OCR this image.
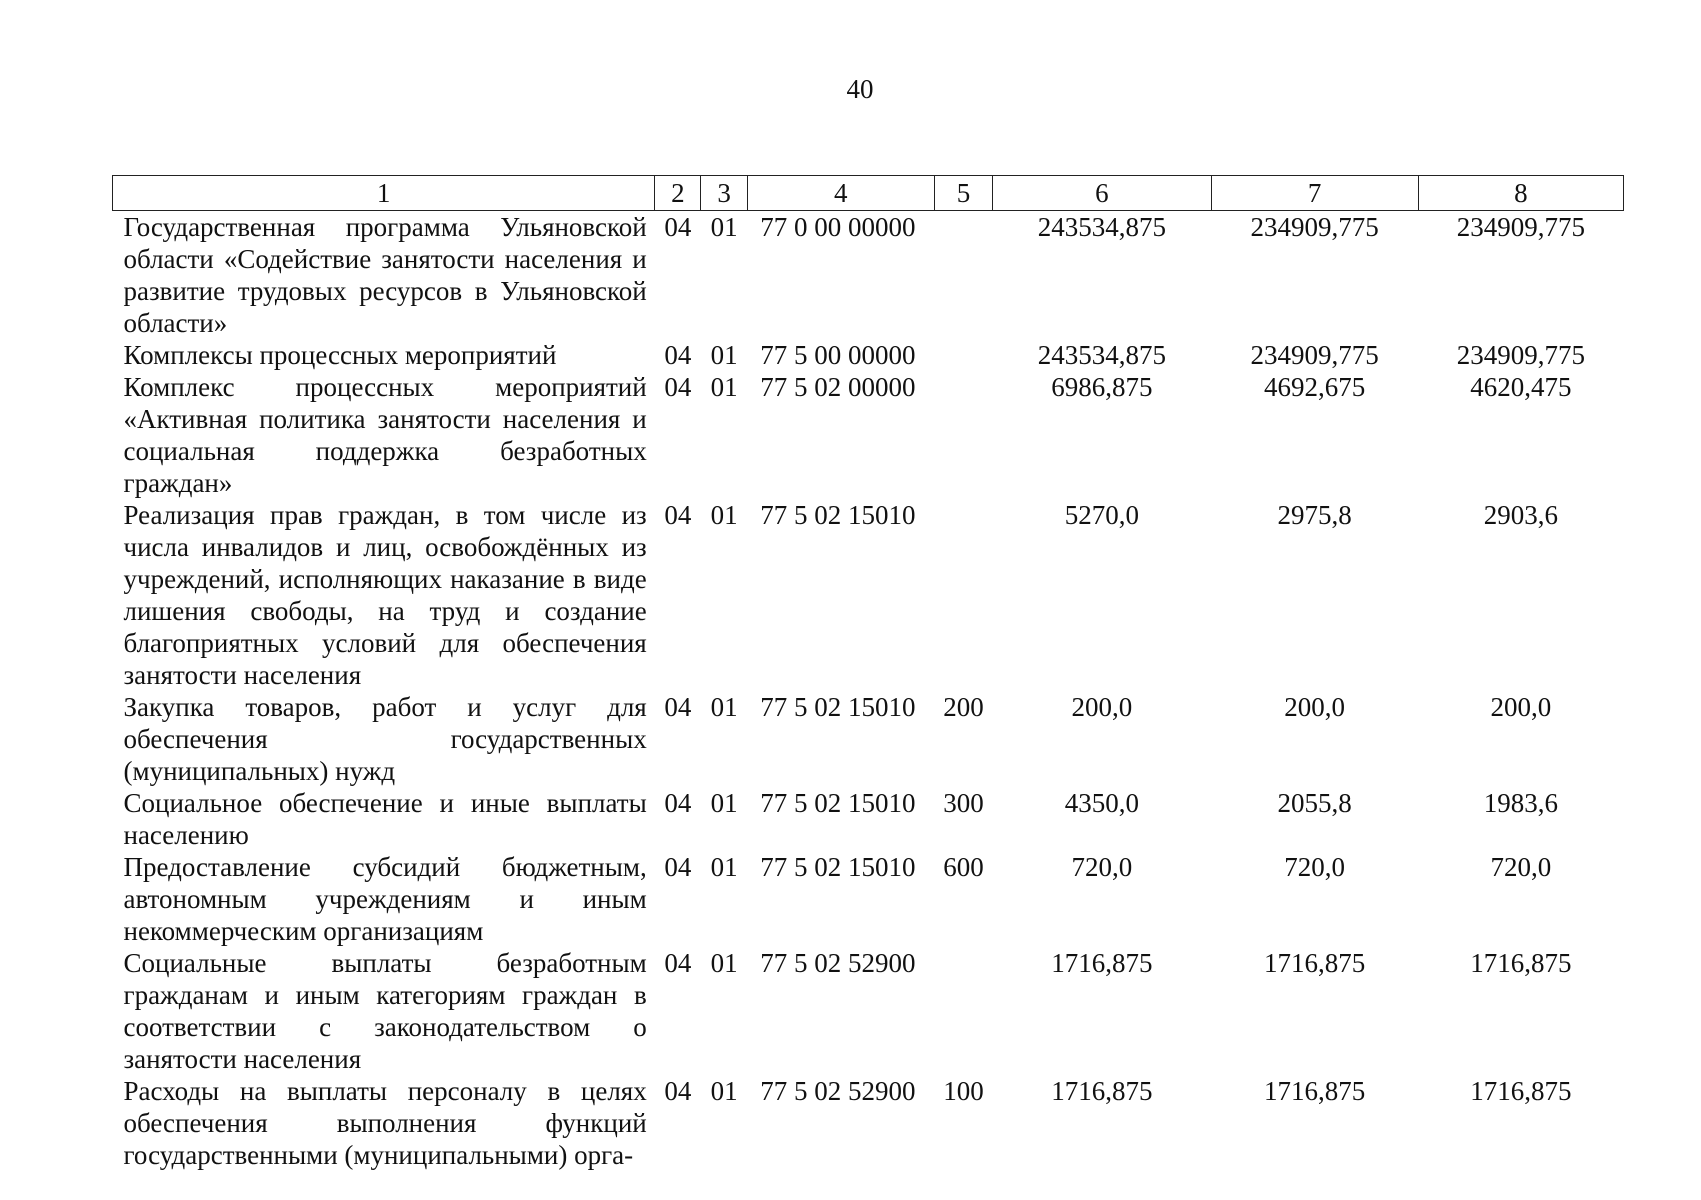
40
1	2	3	4	5	6	7	8
Государственная программа Ульяновской области «Содействие занятости населения и развитие трудовых ресурсов в Ульяновской области»	04	01	77 0 00 00000		243534,875	234909,775	234909,775
Комплексы процессных мероприятий	04	01	77 5 00 00000		243534,875	234909,775	234909,775
Комплекс процессных мероприятий «Активная политика занятости населения и социальная поддержка безработных граждан»	04	01	77 5 02 00000		6986,875	4692,675	4620,475
Реализация прав граждан, в том числе из числа инвалидов и лиц, освобождённых из учреждений, исполняющих наказание в виде лишения свободы, на труд и создание благоприятных условий для обеспечения занятости населения	04	01	77 5 02 15010		5270,0	2975,8	2903,6
Закупка товаров, работ и услуг для обеспечения государственных (муниципальных) нужд	04	01	77 5 02 15010	200	200,0	200,0	200,0
Социальное обеспечение и иные выплаты населению	04	01	77 5 02 15010	300	4350,0	2055,8	1983,6
Предоставление субсидий бюджетным, автономным учреждениям и иным некоммерческим организациям	04	01	77 5 02 15010	600	720,0	720,0	720,0
Социальные выплаты безработным гражданам и иным категориям граждан в соответствии с законодательством о занятости населения	04	01	77 5 02 52900		1716,875	1716,875	1716,875
Расходы на выплаты персоналу в целях обеспечения выполнения функций государственными (муниципальными) орга-	04	01	77 5 02 52900	100	1716,875	1716,875	1716,875
